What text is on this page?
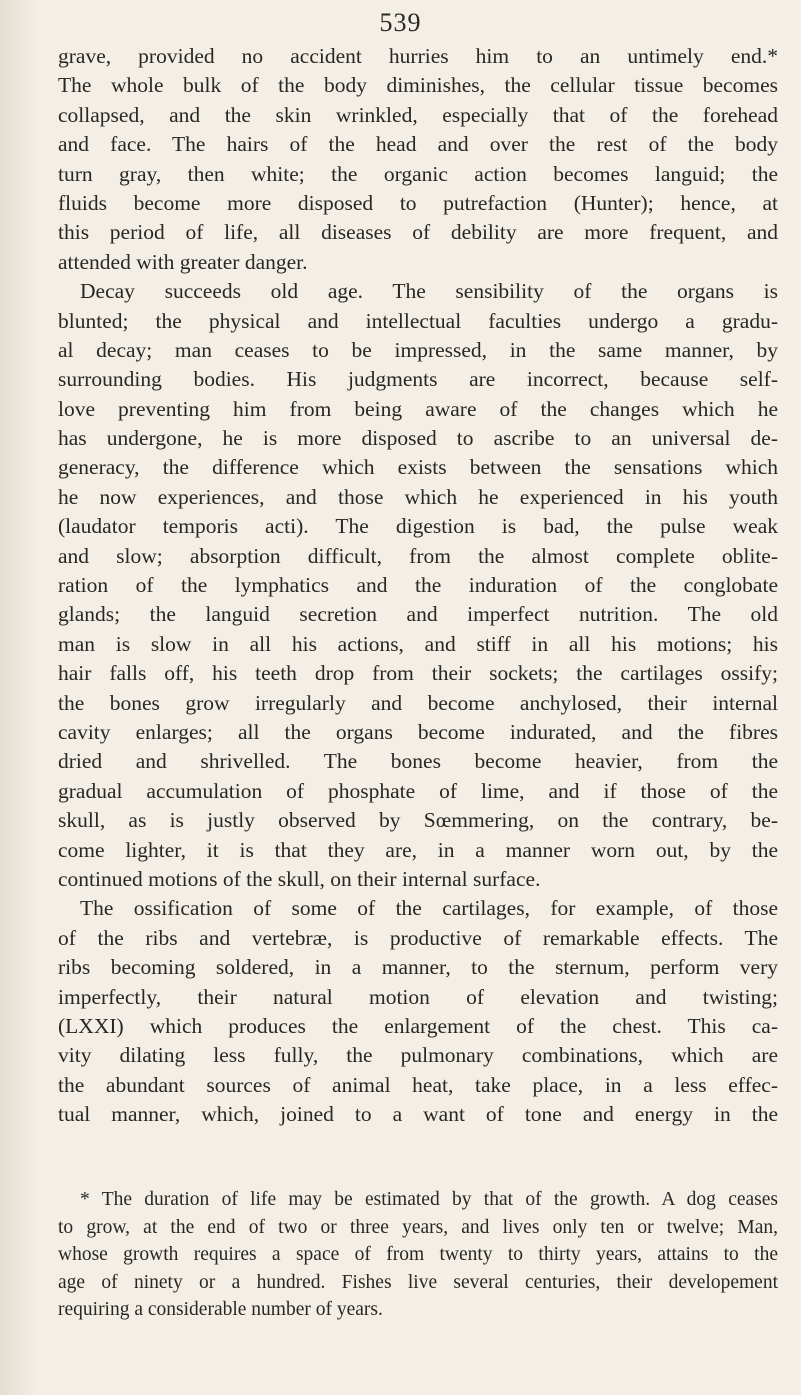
539
grave, provided no accident hurries him to an untimely end.*
The whole bulk of the body diminishes, the cellular tissue becomes
collapsed, and the skin wrinkled, especially that of the forehead
and face. The hairs of the head and over the rest of the body
turn gray, then white; the organic action becomes languid; the
fluids become more disposed to putrefaction (Hunter); hence, at
this period of life, all diseases of debility are more frequent, and
attended with greater danger.
Decay succeeds old age. The sensibility of the organs is
blunted; the physical and intellectual faculties undergo a gradu-
al decay; man ceases to be impressed, in the same manner, by
surrounding bodies. His judgments are incorrect, because self-
love preventing him from being aware of the changes which he
has undergone, he is more disposed to ascribe to an universal de-
generacy, the difference which exists between the sensations which
he now experiences, and those which he experienced in his youth
(laudator temporis acti). The digestion is bad, the pulse weak
and slow; absorption difficult, from the almost complete oblite-
ration of the lymphatics and the induration of the conglobate
glands; the languid secretion and imperfect nutrition. The old
man is slow in all his actions, and stiff in all his motions; his
hair falls off, his teeth drop from their sockets; the cartilages ossify;
the bones grow irregularly and become anchylosed, their internal
cavity enlarges; all the organs become indurated, and the fibres
dried and shrivelled. The bones become heavier, from the
gradual accumulation of phosphate of lime, and if those of the
skull, as is justly observed by Sœmmering, on the contrary, be-
come lighter, it is that they are, in a manner worn out, by the
continued motions of the skull, on their internal surface.
The ossification of some of the cartilages, for example, of those
of the ribs and vertebræ, is productive of remarkable effects. The
ribs becoming soldered, in a manner, to the sternum, perform very
imperfectly, their natural motion of elevation and twisting;
(LXXI) which produces the enlargement of the chest. This ca-
vity dilating less fully, the pulmonary combinations, which are
the abundant sources of animal heat, take place, in a less effec-
tual manner, which, joined to a want of tone and energy in the
* The duration of life may be estimated by that of the growth. A dog ceases
to grow, at the end of two or three years, and lives only ten or twelve; Man,
whose growth requires a space of from twenty to thirty years, attains to the
age of ninety or a hundred. Fishes live several centuries, their developement
requiring a considerable number of years.
